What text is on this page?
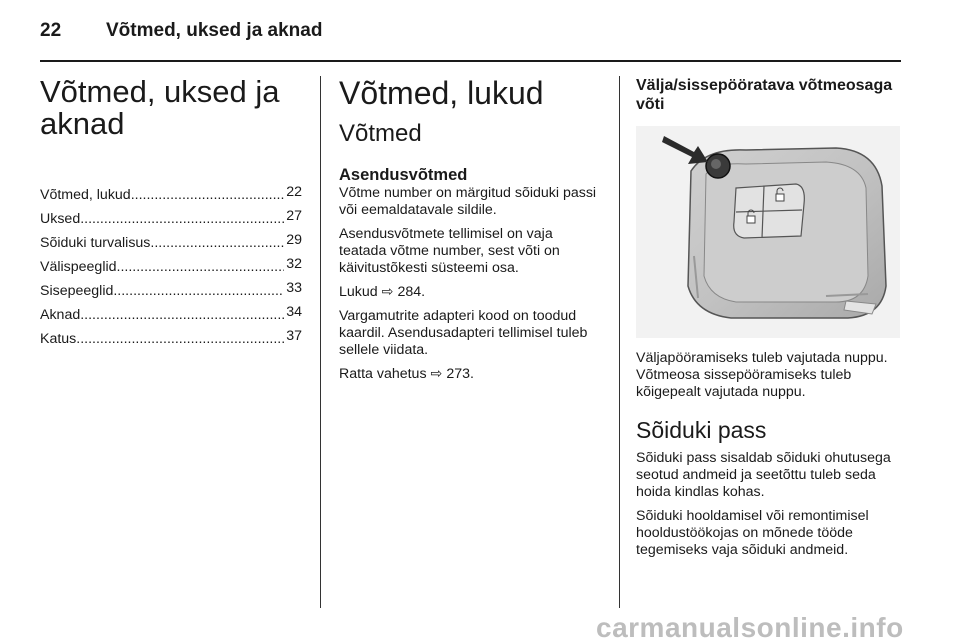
22 Võtmed, uksed ja aknad
Võtmed, uksed ja aknad
Võtmed, lukud .....	22
Uksed .....	27
Sõiduki turvalisus .....	29
Välispeeglid .....	32
Sisepeeglid .....	33
Aknad .....	34
Katus .....	37
Võtmed, lukud
Võtmed
Asendusvõtmed

Võtme number on märgitud sõiduki passi või eemaldatavale sildile.

Asendusvõtmete tellimisel on vaja teatada võtme number, sest võti on käivitustõkesti süsteemi osa.

Lukud ⇨ 284.

Vargamutrite adapteri kood on toodud kaardil. Asendusadapteri tellimisel tuleb sellele viidata.

Ratta vahetus ⇨ 273.

Välja/sissepööratava võtmeosaga võti

Väljapööramiseks tuleb vajutada nuppu. Võtmeosa sissepööramiseks tuleb kõigepealt vajutada nuppu.

Sõiduki pass

Sõiduki pass sisaldab sõiduki ohutusega seotud andmeid ja seetõttu tuleb seda hoida kindlas kohas.

Sõiduki hooldamisel või remontimisel hooldustöökojas on mõnede tööde tegemiseks vaja sõiduki andmeid.

carmanualsonline.info
